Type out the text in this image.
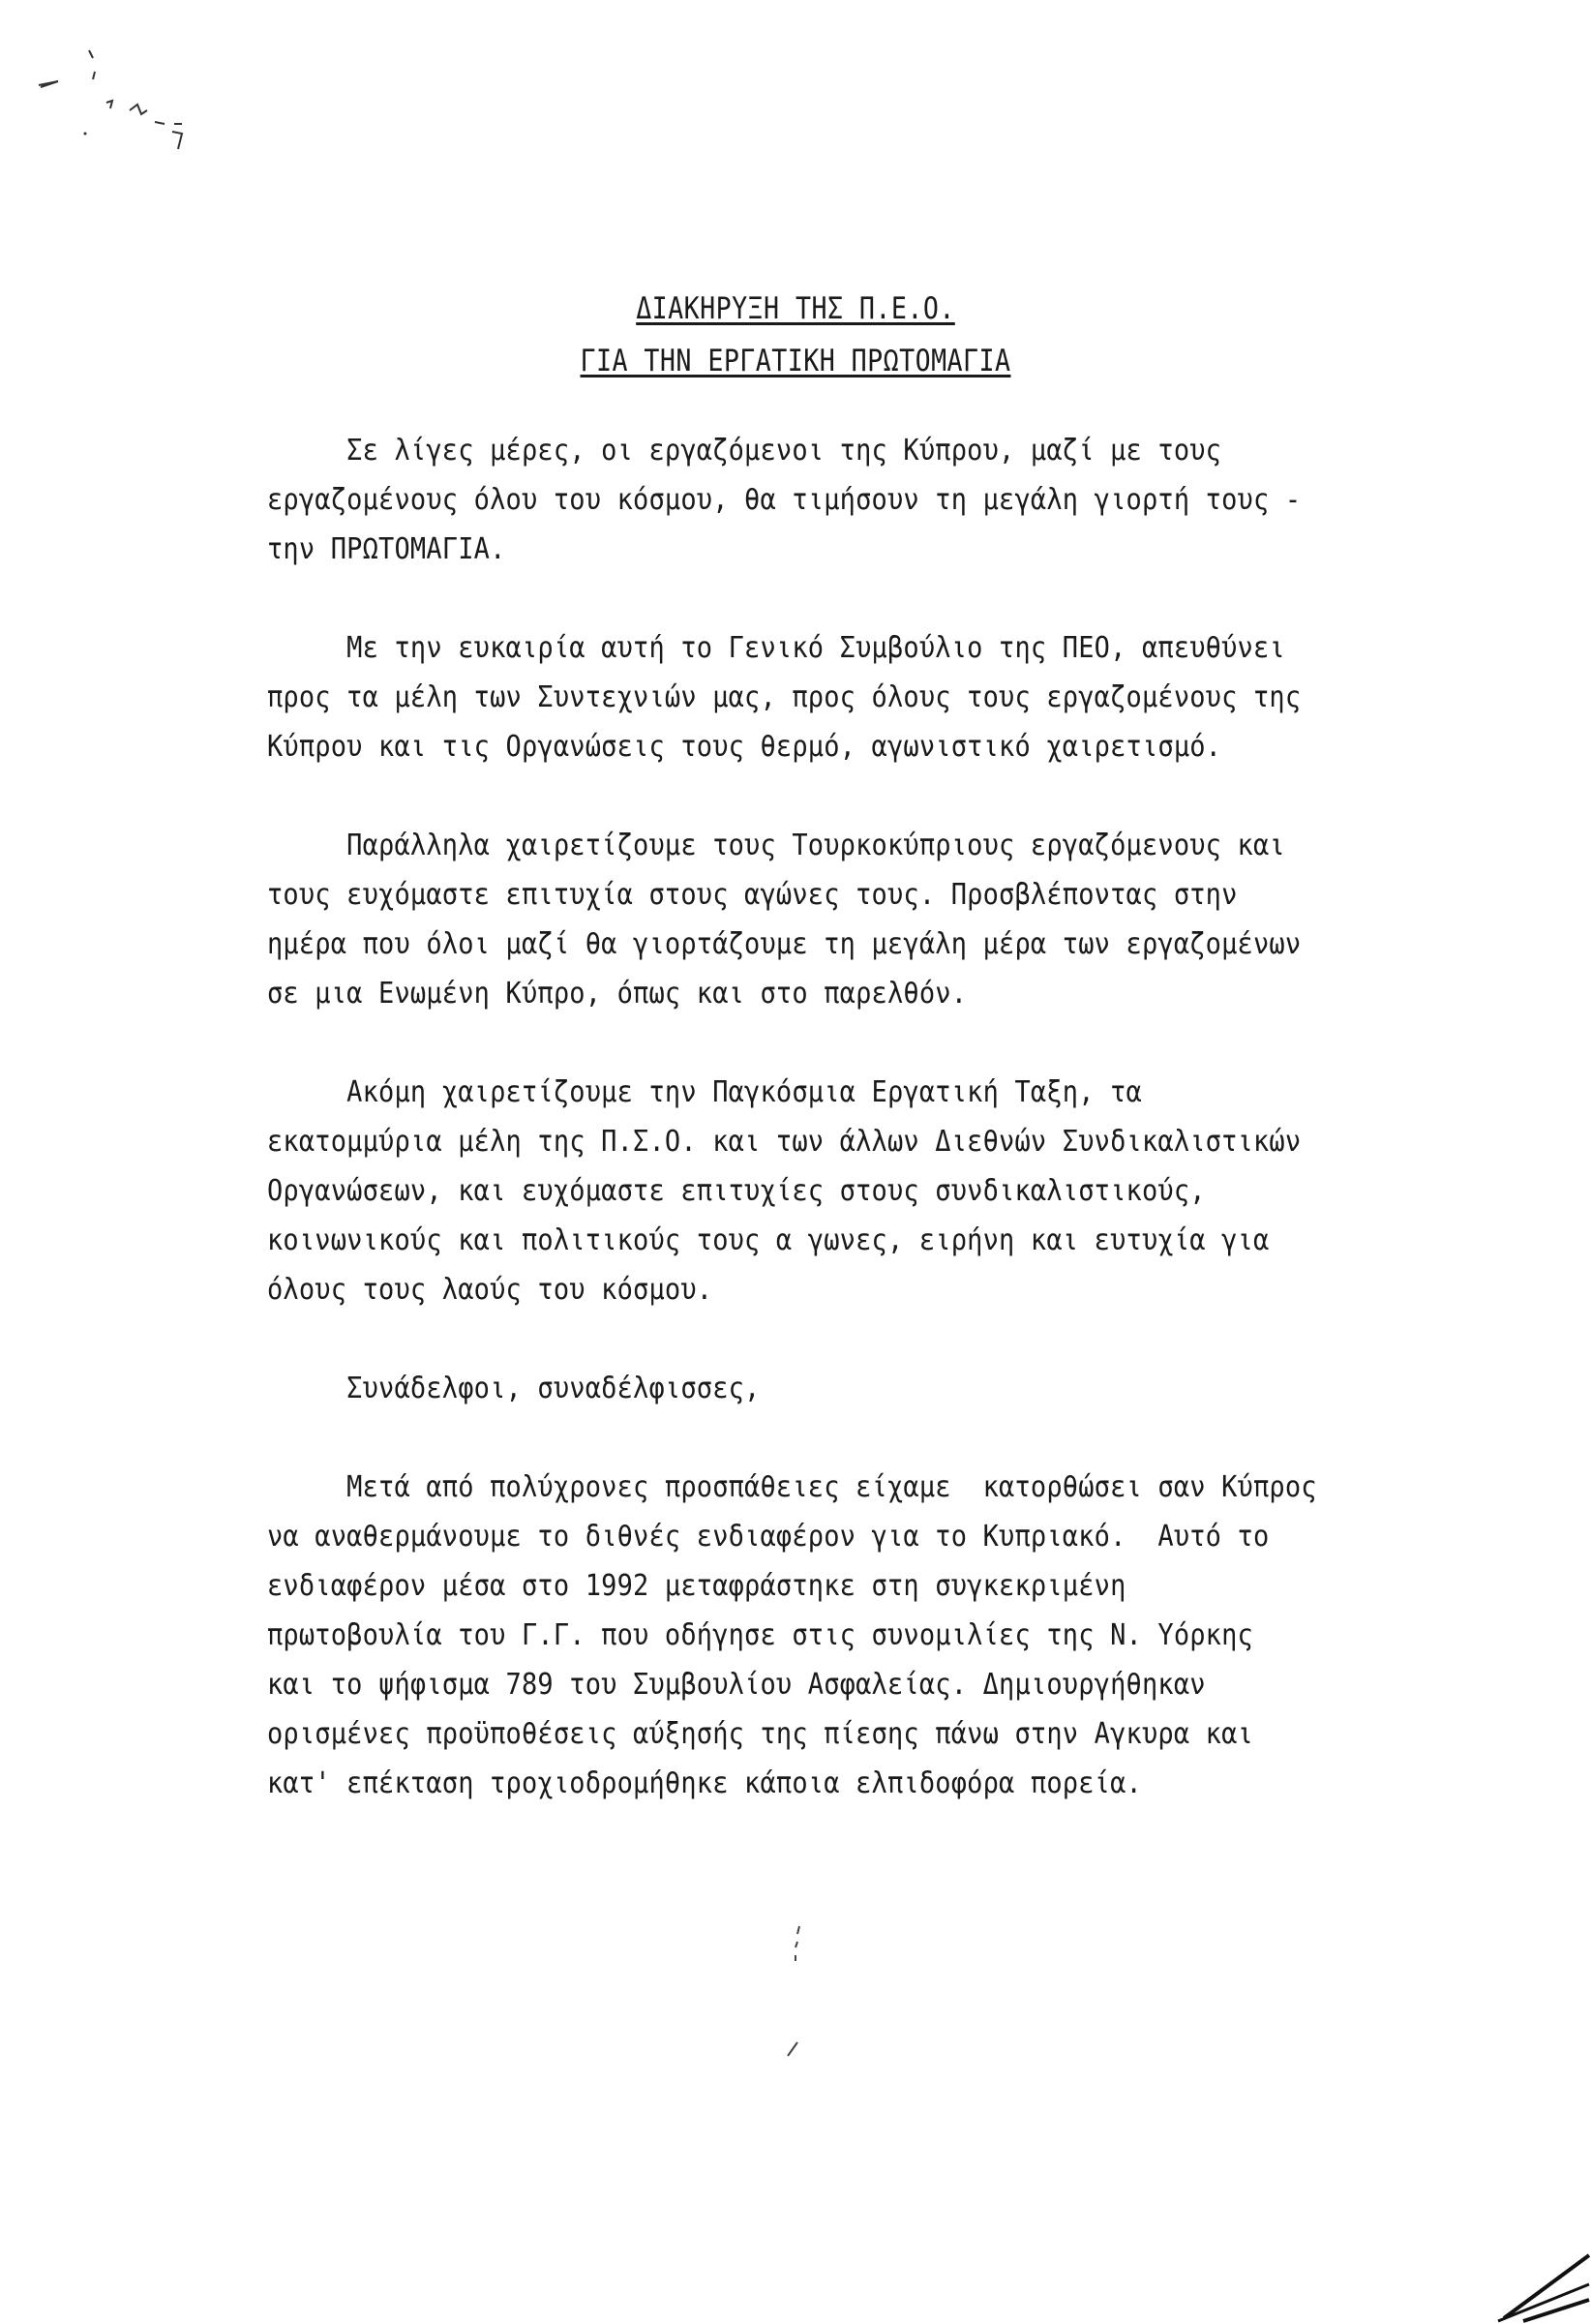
ΔΙΑΚΗΡΥΞΗ ΤΗΣ Π.Ε.Ο.
ΓΙΑ ΤΗΝ ΕΡΓΑΤΙΚΗ ΠΡΩΤΟΜΑΓΙΑ
Σε λίγες μέρες, οι εργαζόμενοι της Κύπρου, μαζί με τους
εργαζομένους όλου του κόσμου, θα τιμήσουν τη μεγάλη γιορτή τους -
την ΠΡΩΤΟΜΑΓΙΑ.
Με την ευκαιρία αυτή το Γενικό Συμβούλιο της ΠΕΟ, απευθύνει
προς τα μέλη των Συντεχνιών μας, προς όλους τους εργαζομένους της
Κύπρου και τις Οργανώσεις τους θερμό, αγωνιστικό χαιρετισμό.
Παράλληλα χαιρετίζουμε τους Τουρκοκύπριους εργαζόμενους και
τους ευχόμαστε επιτυχία στους αγώνες τους. Προσβλέποντας στην
ημέρα που όλοι μαζί θα γιορτάζουμε τη μεγάλη μέρα των εργαζομένων
σε μια Ενωμένη Κύπρο, όπως και στο παρελθόν.
Ακόμη χαιρετίζουμε την Παγκόσμια Εργατική Ταξη, τα
εκατομμύρια μέλη της Π.Σ.Ο. και των άλλων Διεθνών Συνδικαλιστικών
Οργανώσεων, και ευχόμαστε επιτυχίες στους συνδικαλιστικούς,
κοινωνικούς και πολιτικούς τους α γωνες, ειρήνη και ευτυχία για
όλους τους λαούς του κόσμου.
Συνάδελφοι, συναδέλφισσες,
Μετά από πολύχρονες προσπάθειες είχαμε  κατορθώσει σαν Κύπρος
να αναθερμάνουμε το διθνές ενδιαφέρον για το Κυπριακό.  Αυτό το
ενδιαφέρον μέσα στο 1992 μεταφράστηκε στη συγκεκριμένη
πρωτοβουλία του Γ.Γ. που οδήγησε στις συνομιλίες της Ν. Υόρκης
και το ψήφισμα 789 του Συμβουλίου Ασφαλείας. Δημιουργήθηκαν
ορισμένες προϋποθέσεις αύξησής της πίεσης πάνω στην Αγκυρα και
κατ' επέκταση τροχιοδρομήθηκε κάποια ελπιδοφόρα πορεία.
